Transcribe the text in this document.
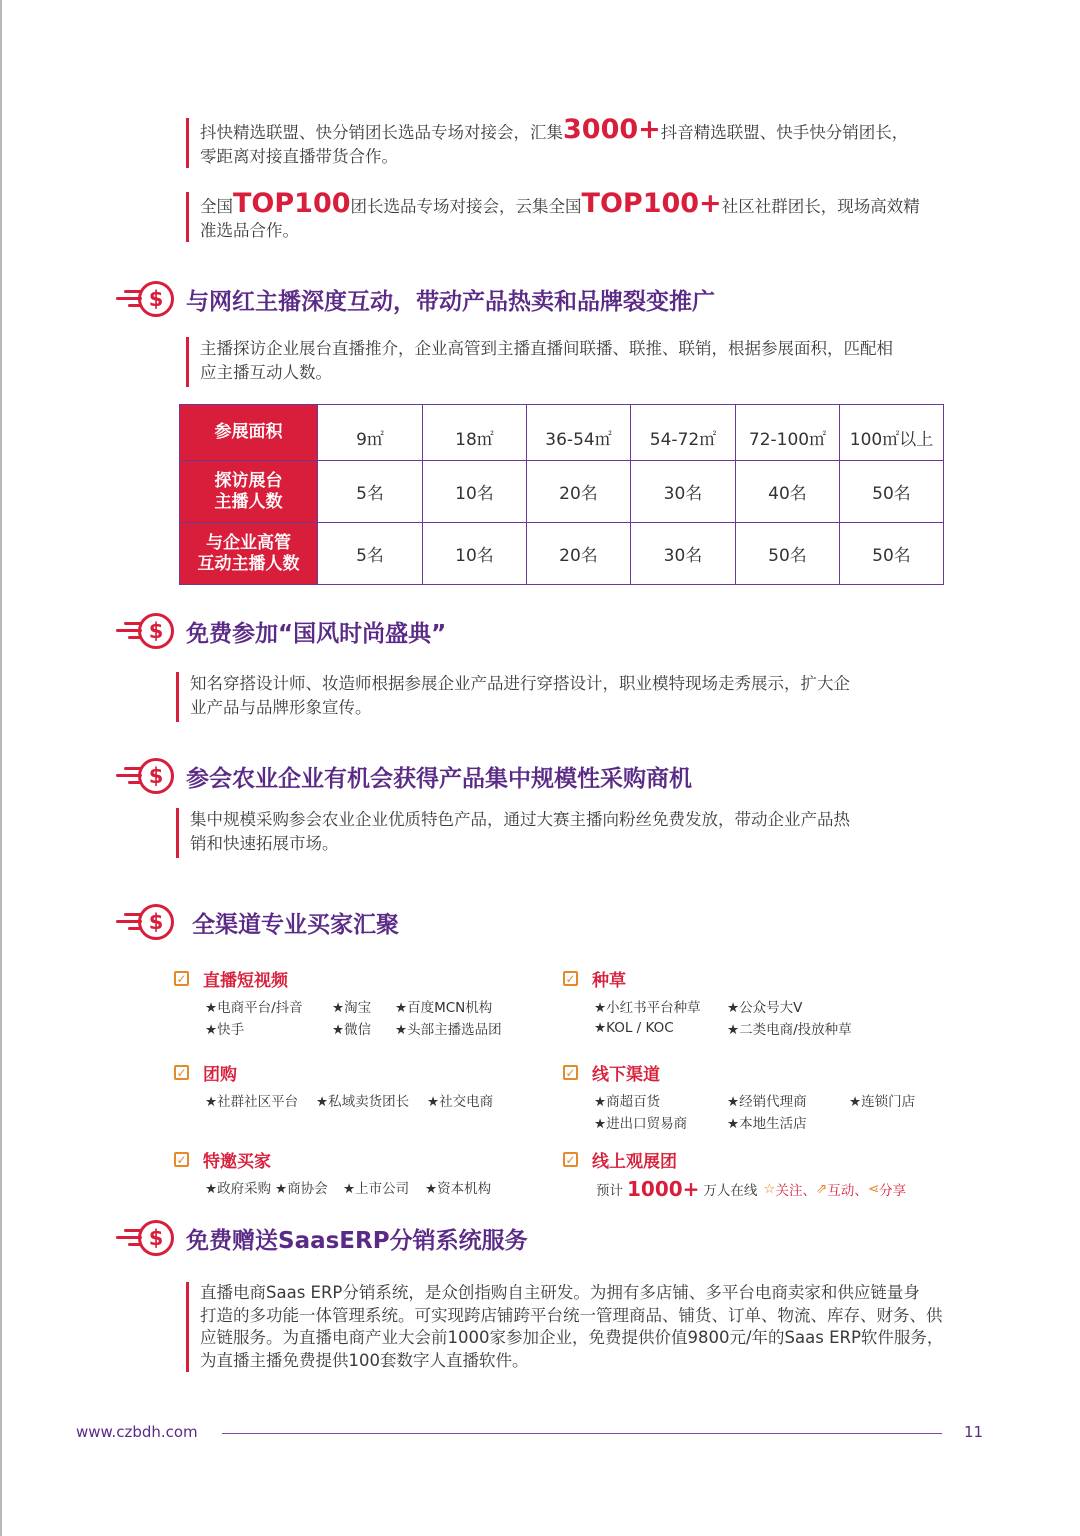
抖快精选联盟、快分销团长选品专场对接会，汇集3000+抖音精选联盟、快手快分销团长，
零距离对接直播带货合作。
全国TOP100团长选品专场对接会，云集全国TOP100+社区社群团长，现场高效精
准选品合作。
$ 与网红主播深度互动，带动产品热卖和品牌裂变推广
主播探访企业展台直播推介，企业高管到主播直播间联播、联推、联销，根据参展面积，匹配相
应主播互动人数。
参展面积	9㎡	18㎡	36-54㎡	54-72㎡	72-100㎡	100㎡以上

探访展台
主播人数	5名	10名	20名	30名	40名	50名

与企业高管
互动主播人数	5名	10名	20名	30名	50名	50名
$ 免费参加“国风时尚盛典”
知名穿搭设计师、妆造师根据参展企业产品进行穿搭设计，职业模特现场走秀展示，扩大企
业产品与品牌形象宣传。
$ 参会农业企业有机会获得产品集中规模性采购商机
集中规模采购参会农业企业优质特色产品，通过大赛主播向粉丝免费发放，带动企业产品热
销和快速拓展市场。
$	全渠道专业买家汇聚
✓ 直播短视频
★电商平台/抖音	★淘宝	★百度MCN机构
★快手	★微信	★头部主播选品团
✓ 种草
★小红书平台种草	★公众号大V
★KOL / KOC	★二类电商/投放种草
✓ 团购
★社群社区平台	★私域卖货团长	★社交电商
✓ 线下渠道
★商超百货	★经销代理商	★连锁门店
★进出口贸易商	★本地生活店
✓ 特邀买家
★政府采购 ★商协会	★上市公司	★资本机构
✓ 线上观展团
预计 1000+ 万人在线 ☆ 关注、 ⇗ 互动、 ⋖ 分享
$ 免费赠送SaasERP分销系统服务
直播电商Saas ERP分销系统，是众创指购自主研发。为拥有多店铺、多平台电商卖家和供应链量身
打造的多功能一体管理系统。可实现跨店铺跨平台统一管理商品、铺货、订单、物流、库存、财务、供
应链服务。为直播电商产业大会前1000家参加企业，免费提供价值9800元/年的Saas ERP软件服务，
为直播主播免费提供100套数字人直播软件。
www.czbdh.com	11
